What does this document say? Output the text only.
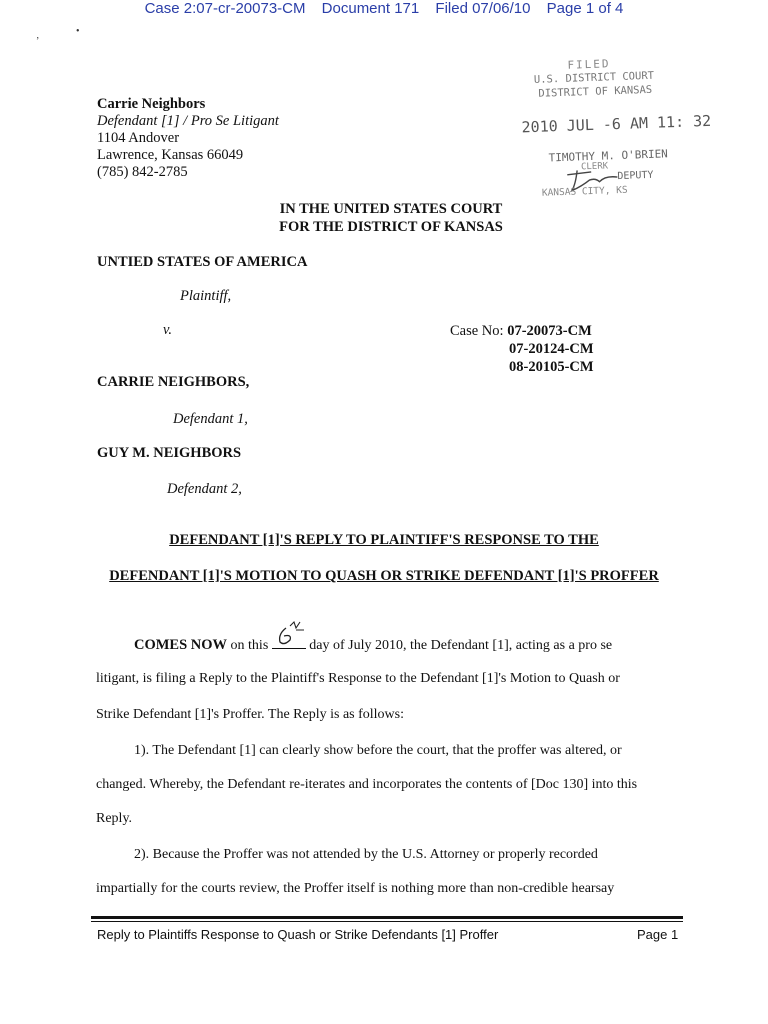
Case 2:07-cr-20073-CM Document 171 Filed 07/06/10 Page 1 of 4
’
•
Carrie Neighbors
Defendant [1] / Pro Se Litigant
1104 Andover
Lawrence, Kansas 66049
(785) 842-2785
FILED
U.S. DISTRICT COURT
DISTRICT OF KANSAS
2010 JUL -6 AM 11: 32
TIMOTHY M. O'BRIEN
CLERK
DEPUTY
KANSAS CITY, KS
IN THE UNITED STATES COURT
FOR THE DISTRICT OF KANSAS
UNTIED STATES OF AMERICA
Plaintiff,
v.	Case No: 07-20073-CM
07-20124-CM
08-20105-CM
CARRIE NEIGHBORS,
Defendant 1,
GUY M. NEIGHBORS
Defendant 2,
DEFENDANT [1]'S REPLY TO PLAINTIFF'S RESPONSE TO THE
DEFENDANT [1]'S MOTION TO QUASH OR STRIKE DEFENDANT [1]'S PROFFER
COMES NOW on this
day of July 2010, the Defendant [1], acting as a pro se
litigant, is filing a Reply to the Plaintiff's Response to the Defendant [1]'s Motion to Quash or
Strike Defendant [1]'s Proffer. The Reply is as follows:
1). The Defendant [1] can clearly show before the court, that the proffer was altered, or
changed. Whereby, the Defendant re-iterates and incorporates the contents of [Doc 130] into this
Reply.
2). Because the Proffer was not attended by the U.S. Attorney or properly recorded
impartially for the courts review, the Proffer itself is nothing more than non-credible hearsay
Reply to Plaintiffs Response to Quash or Strike Defendants [1] Proffer	Page 1
